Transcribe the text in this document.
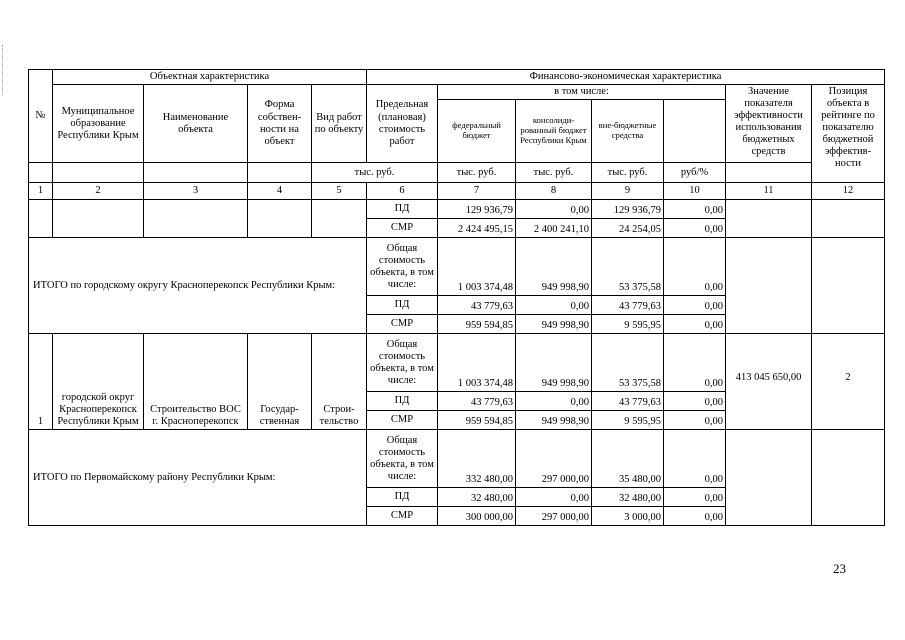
№	Объектная характеристика				Финансово-экономическая характеристика						
	Муниципальное образование Республики Крым	Наименование объекта	Форма собствен-ности на объект	Вид работ по объекту	Предельная (плановая) стоимость работ	в том числе:				Значение показателя эффективности использования бюджетных средств	Позиция объекта в рейтинге по показателю бюджетной эффектив-ности
						федеральный бюджет	консолиди-рованный бюджет Республики Крым	вне-бюджетные средства			
				тыс. руб.		тыс. руб.	тыс. руб.	тыс. руб.	руб/%		
1	2	3	4	5	6	7	8	9	10	11	12
					ПД	129 936,79	0,00	129 936,79	0,00		
					СМР	2 424 495,15	2 400 241,10	24 254,05	0,00		
ИТОГО по городскому округу Красноперекопск Республики Крым:					Общая стоимость объекта, в том числе:	1 003 374,48	949 998,90	53 375,58	0,00		
					ПД	43 779,63	0,00	43 779,63	0,00		
					СМР	959 594,85	949 998,90	9 595,95	0,00		
1	городской округ Красноперекопск Республики Крым	Строительство ВОС г. Красноперекопск	Государ-ственная	Строи-тельство	Общая стоимость объекта, в том числе:	1 003 374,48	949 998,90	53 375,58	0,00	413 045 650,00	2
					ПД	43 779,63	0,00	43 779,63	0,00		
					СМР	959 594,85	949 998,90	9 595,95	0,00		
ИТОГО по Первомайскому району Республики Крым:					Общая стоимость объекта, в том числе:	332 480,00	297 000,00	35 480,00	0,00		
					ПД	32 480,00	0,00	32 480,00	0,00		
					СМР	300 000,00	297 000,00	3 000,00	0,00		
23
